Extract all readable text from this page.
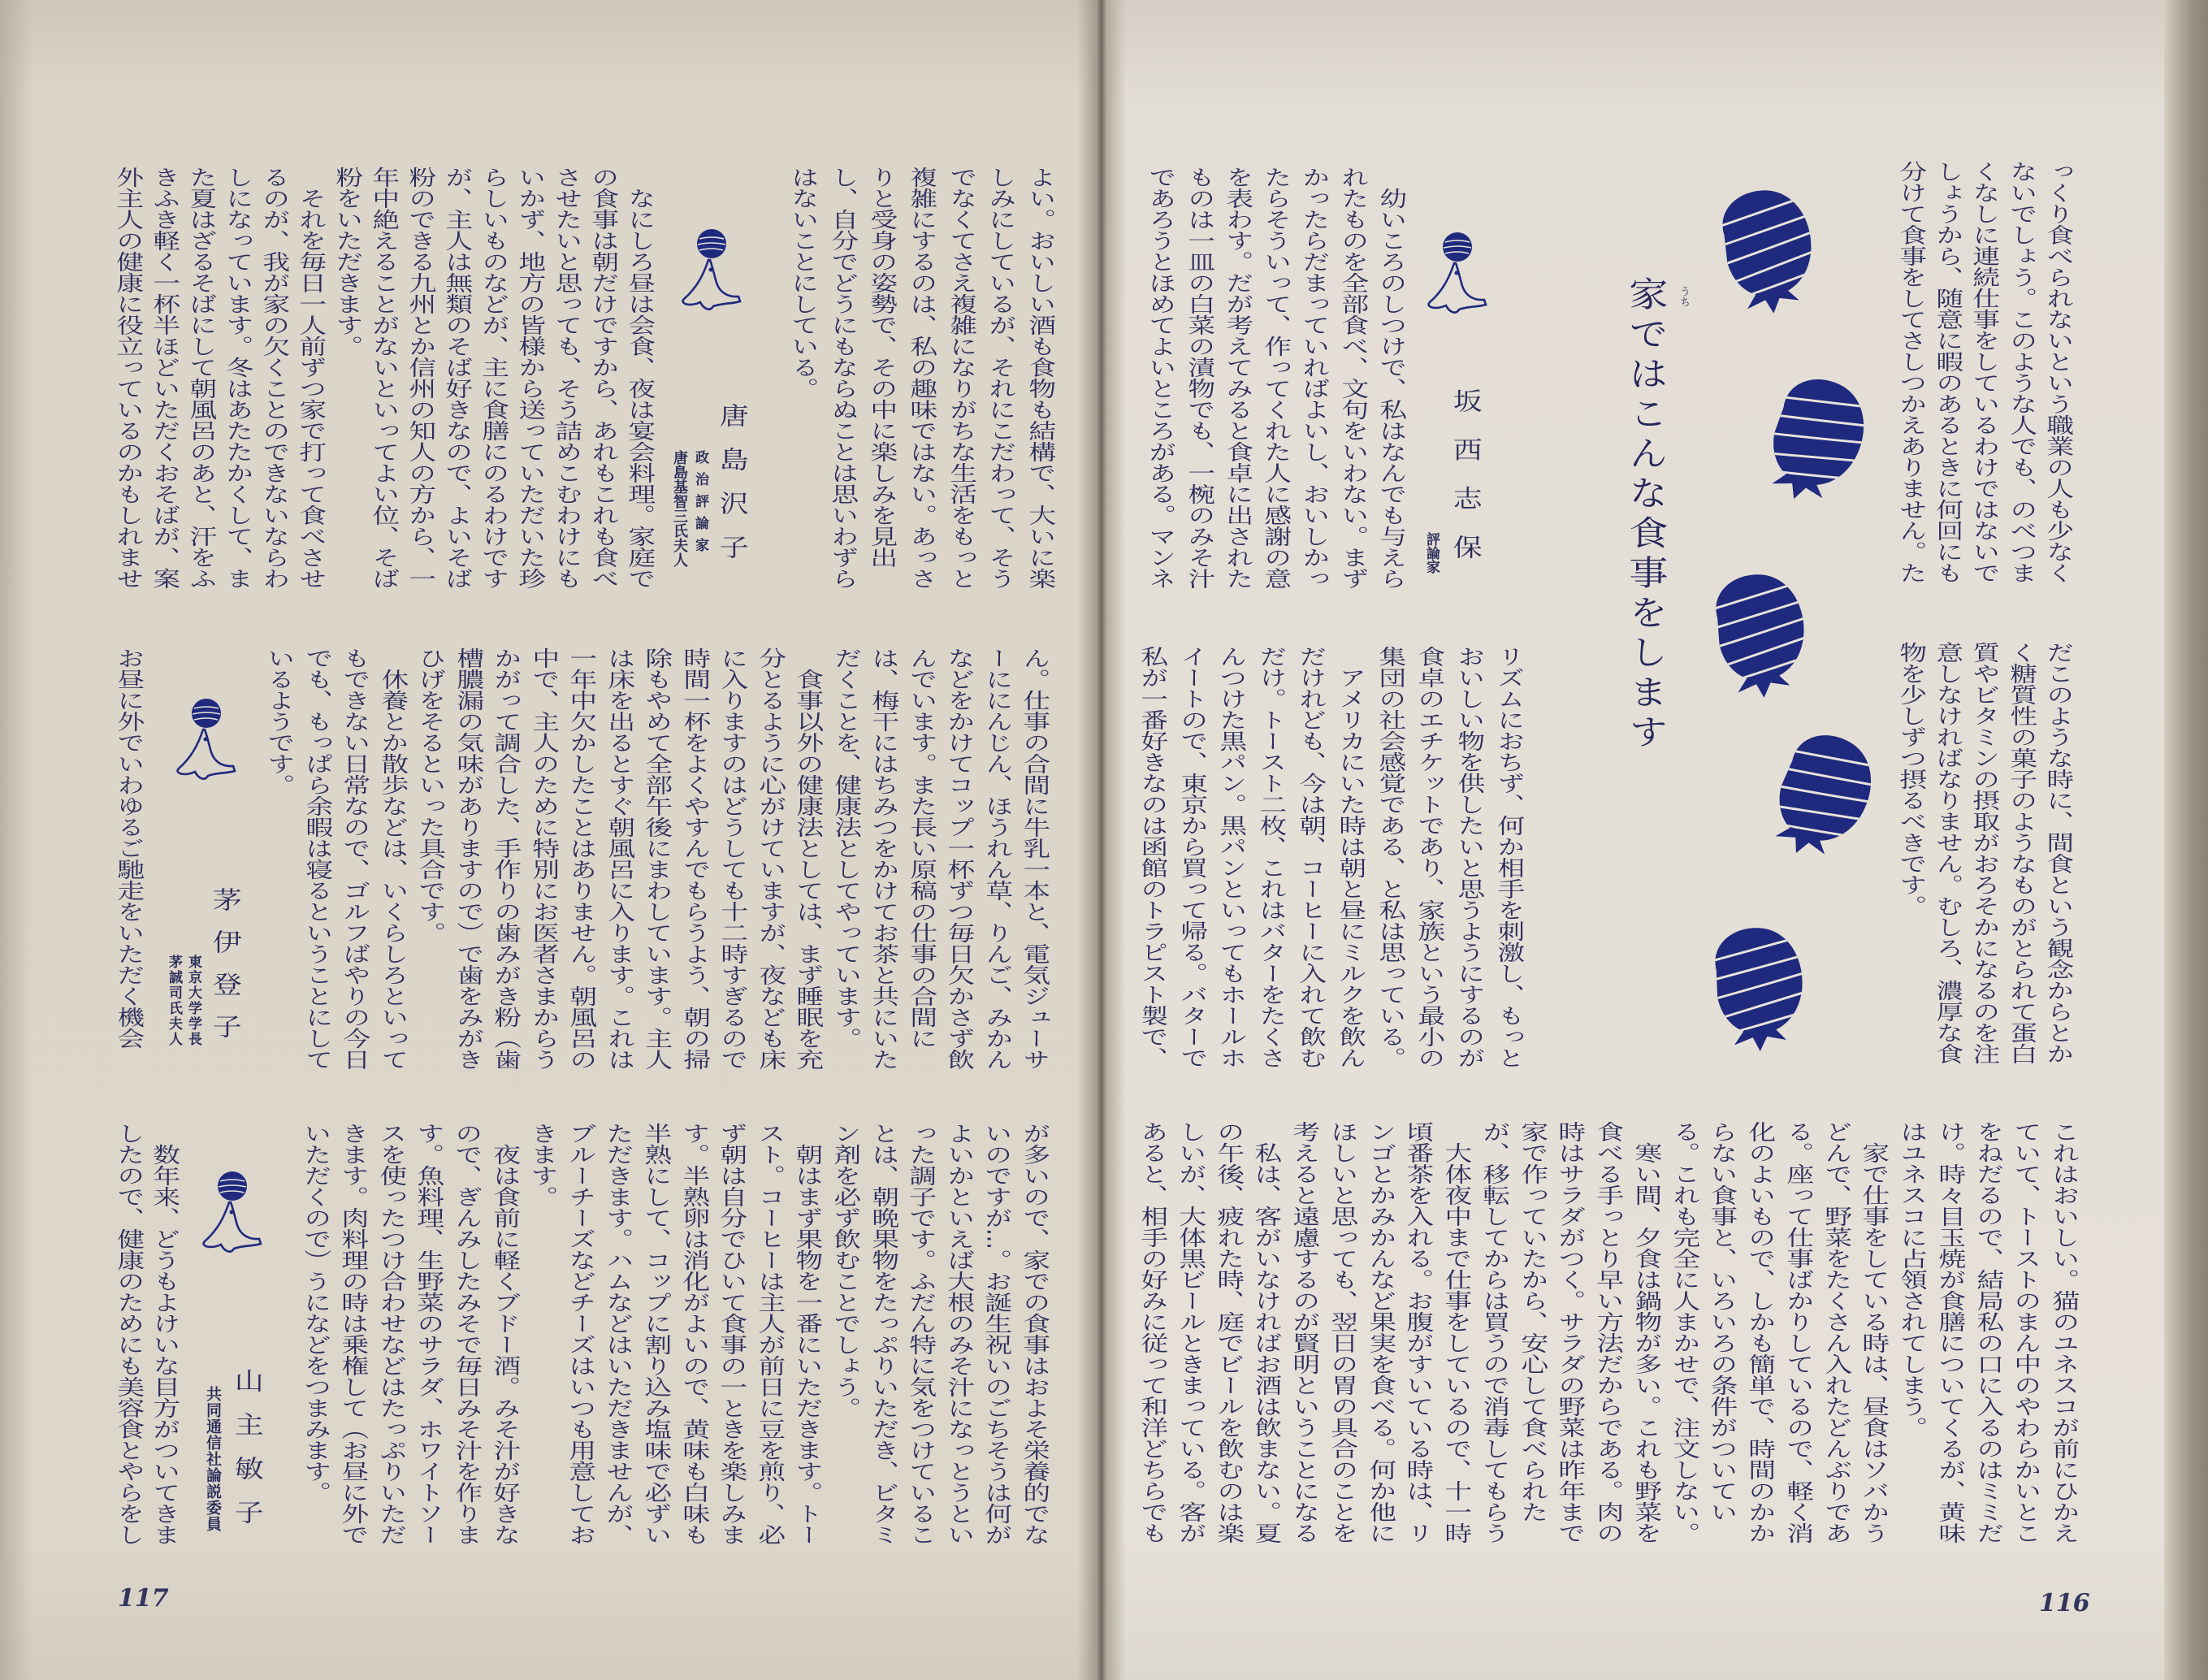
家ではこんな食事をします うち
坂西志保
評論家
唐島沢子
政治評論家
唐島基智三氏夫人
茅伊登子
東京大学学長
茅誠司氏夫人
山主敏子
共同通信社論説委員
117	116
っくり食べられないという職業の人も少なく
ないでしょう。このような人でも、のべつま
くなしに連続仕事をしているわけではないで
しょうから、随意に暇のあるときに何回にも
分けて食事をしてさしつかえありません。た
だこのような時に、間食という観念からとか
く糖質性の菓子のようなものがとられて蛋白
質やビタミンの摂取がおろそかになるのを注
意しなければなりません。むしろ、濃厚な食
物を少しずつ摂るべきです。
　幼いころのしつけで、私はなんでも与えら
れたものを全部食べ、文句をいわない。まず
かったらだまっていればよいし、おいしかっ
たらそういって、作ってくれた人に感謝の意
を表わす。だが考えてみると食卓に出された
ものは一皿の白菜の漬物でも、一椀のみそ汁
であろうとほめてよいところがある。マンネ
リズムにおちず、何か相手を刺激し、もっと
おいしい物を供したいと思うようにするのが
食卓のエチケットであり、家族という最小の
集団の社会感覚である、と私は思っている。
　アメリカにいた時は朝と昼にミルクを飲ん
だけれども、今は朝、コーヒーに入れて飲む
だけ。トースト二枚、これはバターをたくさ
んつけた黒パン。黒パンといってもホールホ
イートので、東京から買って帰る。バターで
私が一番好きなのは函館のトラピスト製で、
これはおいしい。猫のユネスコが前にひかえ
ていて、トーストのまん中のやわらかいとこ
をねだるので、結局私の口に入るのはミミだ
け。時々目玉焼が食膳についてくるが、黄味
はユネスコに占領されてしまう。
　家で仕事をしている時は、昼食はソバかう
どんで、野菜をたくさん入れたどんぶりであ
る。座って仕事ばかりしているので、軽く消
化のよいもので、しかも簡単で、時間のかか
らない食事と、いろいろの条件がついてい
る。これも完全に人まかせで、注文しない。
　寒い間、夕食は鍋物が多い。これも野菜を
食べる手っとり早い方法だからである。肉の
時はサラダがつく。サラダの野菜は昨年まで
家で作っていたから、安心して食べられた
が、移転してからは買うので消毒してもらう
　大体夜中まで仕事をしているので、十一時
頃番茶を入れる。お腹がすいている時は、リ
ンゴとかみかんなど果実を食べる。何か他に
ほしいと思っても、翌日の胃の具合のことを
考えると遠慮するのが賢明ということになる
　私は、客がいなければお酒は飲まない。夏
の午後、疲れた時、庭でビールを飲むのは楽
しいが、大体黒ビールときまっている。客が
あると、相手の好みに従って和洋どちらでも
よい。おいしい酒も食物も結構で、大いに楽
しみにしているが、それにこだわって、そう
でなくてさえ複雑になりがちな生活をもっと
複雑にするのは、私の趣味ではない。あっさ
りと受身の姿勢で、その中に楽しみを見出
し、自分でどうにもならぬことは思いわずら
はないことにしている。
　なにしろ昼は会食、夜は宴会料理。家庭で
の食事は朝だけですから、あれもこれも食べ
させたいと思っても、そう詰めこむわけにも
いかず、地方の皆様から送っていただいた珍
らしいものなどが、主に食膳にのるわけです
が、主人は無類のそば好きなので、よいそば
粉のできる九州とか信州の知人の方から、一
年中絶えることがないといってよい位、そば
粉をいただきます。
　それを毎日一人前ずつ家で打って食べさせ
るのが、我が家の欠くことのできないならわ
しになっています。冬はあたたかくして、ま
た夏はざるそばにして朝風呂のあと、汗をふ
きふき軽く一杯半ほどいただくおそばが、案
外主人の健康に役立っているのかもしれませ
ん。仕事の合間に牛乳一本と、電気ジューサ
ーににんじん、ほうれん草、りんご、みかん
などをかけてコップ一杯ずつ毎日欠かさず飲
んでいます。また長い原稿の仕事の合間に
は、梅干にはちみつをかけてお茶と共にいた
だくことを、健康法としてやっています。
　食事以外の健康法としては、まず睡眠を充
分とるように心がけていますが、夜なども床
に入りますのはどうしても十二時すぎるので
時間一杯をよくやすんでもらうよう、朝の掃
除もやめて全部午後にまわしています。主人
は床を出るとすぐ朝風呂に入ります。これは
一年中欠かしたことはありません。朝風呂の
中で、主人のために特別にお医者さまからう
かがって調合した、手作りの歯みがき粉（歯
槽膿漏の気味がありますので）で歯をみがき
ひげをそるといった具合です。
　休養とか散歩などは、いくらしろといって
もできない日常なので、ゴルフばやりの今日
でも、もっぱら余暇は寝るということにして
いるようです。
お昼に外でいわゆるご馳走をいただく機会
が多いので、家での食事はおよそ栄養的でな
いのですが…。お誕生祝いのごちそうは何が
よいかといえば大根のみそ汁になっとうとい
った調子です。ふだん特に気をつけているこ
とは、朝晩果物をたっぷりいただき、ビタミ
ン剤を必ず飲むことでしょう。
　朝はまず果物を一番にいただきます。トー
スト。コーヒーは主人が前日に豆を煎り、必
ず朝は自分でひいて食事の一ときを楽しみま
す。半熟卵は消化がよいので、黄味も白味も
半熟にして、コップに割り込み塩味で必ずい
ただきます。ハムなどはいただきませんが、
ブルーチーズなどチーズはいつも用意してお
きます。
　夜は食前に軽くブドー酒。みそ汁が好きな
ので、ぎんみしたみそで毎日みそ汁を作りま
す。魚料理、生野菜のサラダ、ホワイトソー
スを使ったつけ合わせなどはたっぷりいただ
きます。肉料理の時は乗権して（お昼に外で
いただくので）うになどをつまみます。
　数年来、どうもよけいな目方がついてきま
したので、健康のためにも美容食とやらをし
